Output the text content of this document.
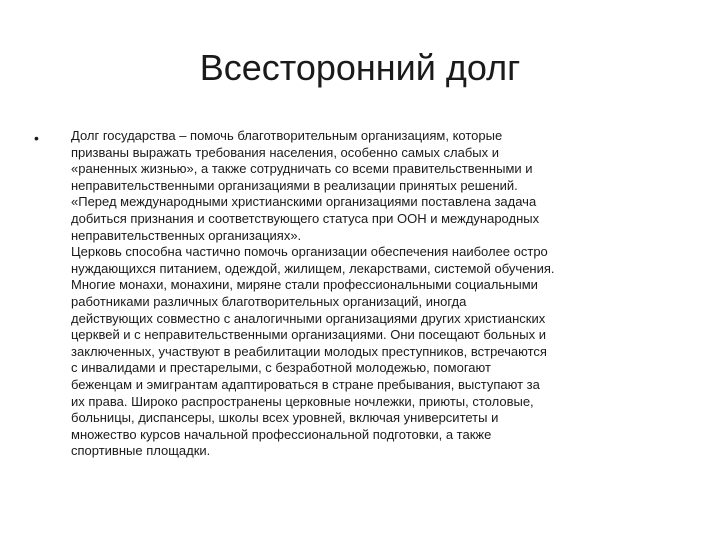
Всесторонний долг
• Долг государства – помочь благотворительным организациям, которые
призваны выражать требования населения, особенно самых слабых и
«раненных жизнью», а также сотрудничать со всеми правительственными и
неправительственными организациями в реализации принятых решений.
«Перед международными христианскими организациями поставлена задача
добиться признания и соответствующего статуса при ООН и международных
неправительственных организациях».
Церковь способна частично помочь организации обеспечения наиболее остро
нуждающихся питанием, одеждой, жилищем, лекарствами, системой обучения.
Многие монахи, монахини, миряне стали профессиональными социальными
работниками различных благотворительных организаций, иногда
действующих совместно с аналогичными организациями других христианских
церквей и с неправительственными организациями. Они посещают больных и
заключенных, участвуют в реабилитации молодых преступников, встречаются
с инвалидами и престарелыми, с безработной молодежью, помогают
беженцам и эмигрантам адаптироваться в стране пребывания, выступают за
их права. Широко распространены церковные ночлежки, приюты, столовые,
больницы, диспансеры, школы всех уровней, включая университеты и
множество курсов начальной профессиональной подготовки, а также
спортивные площадки.
